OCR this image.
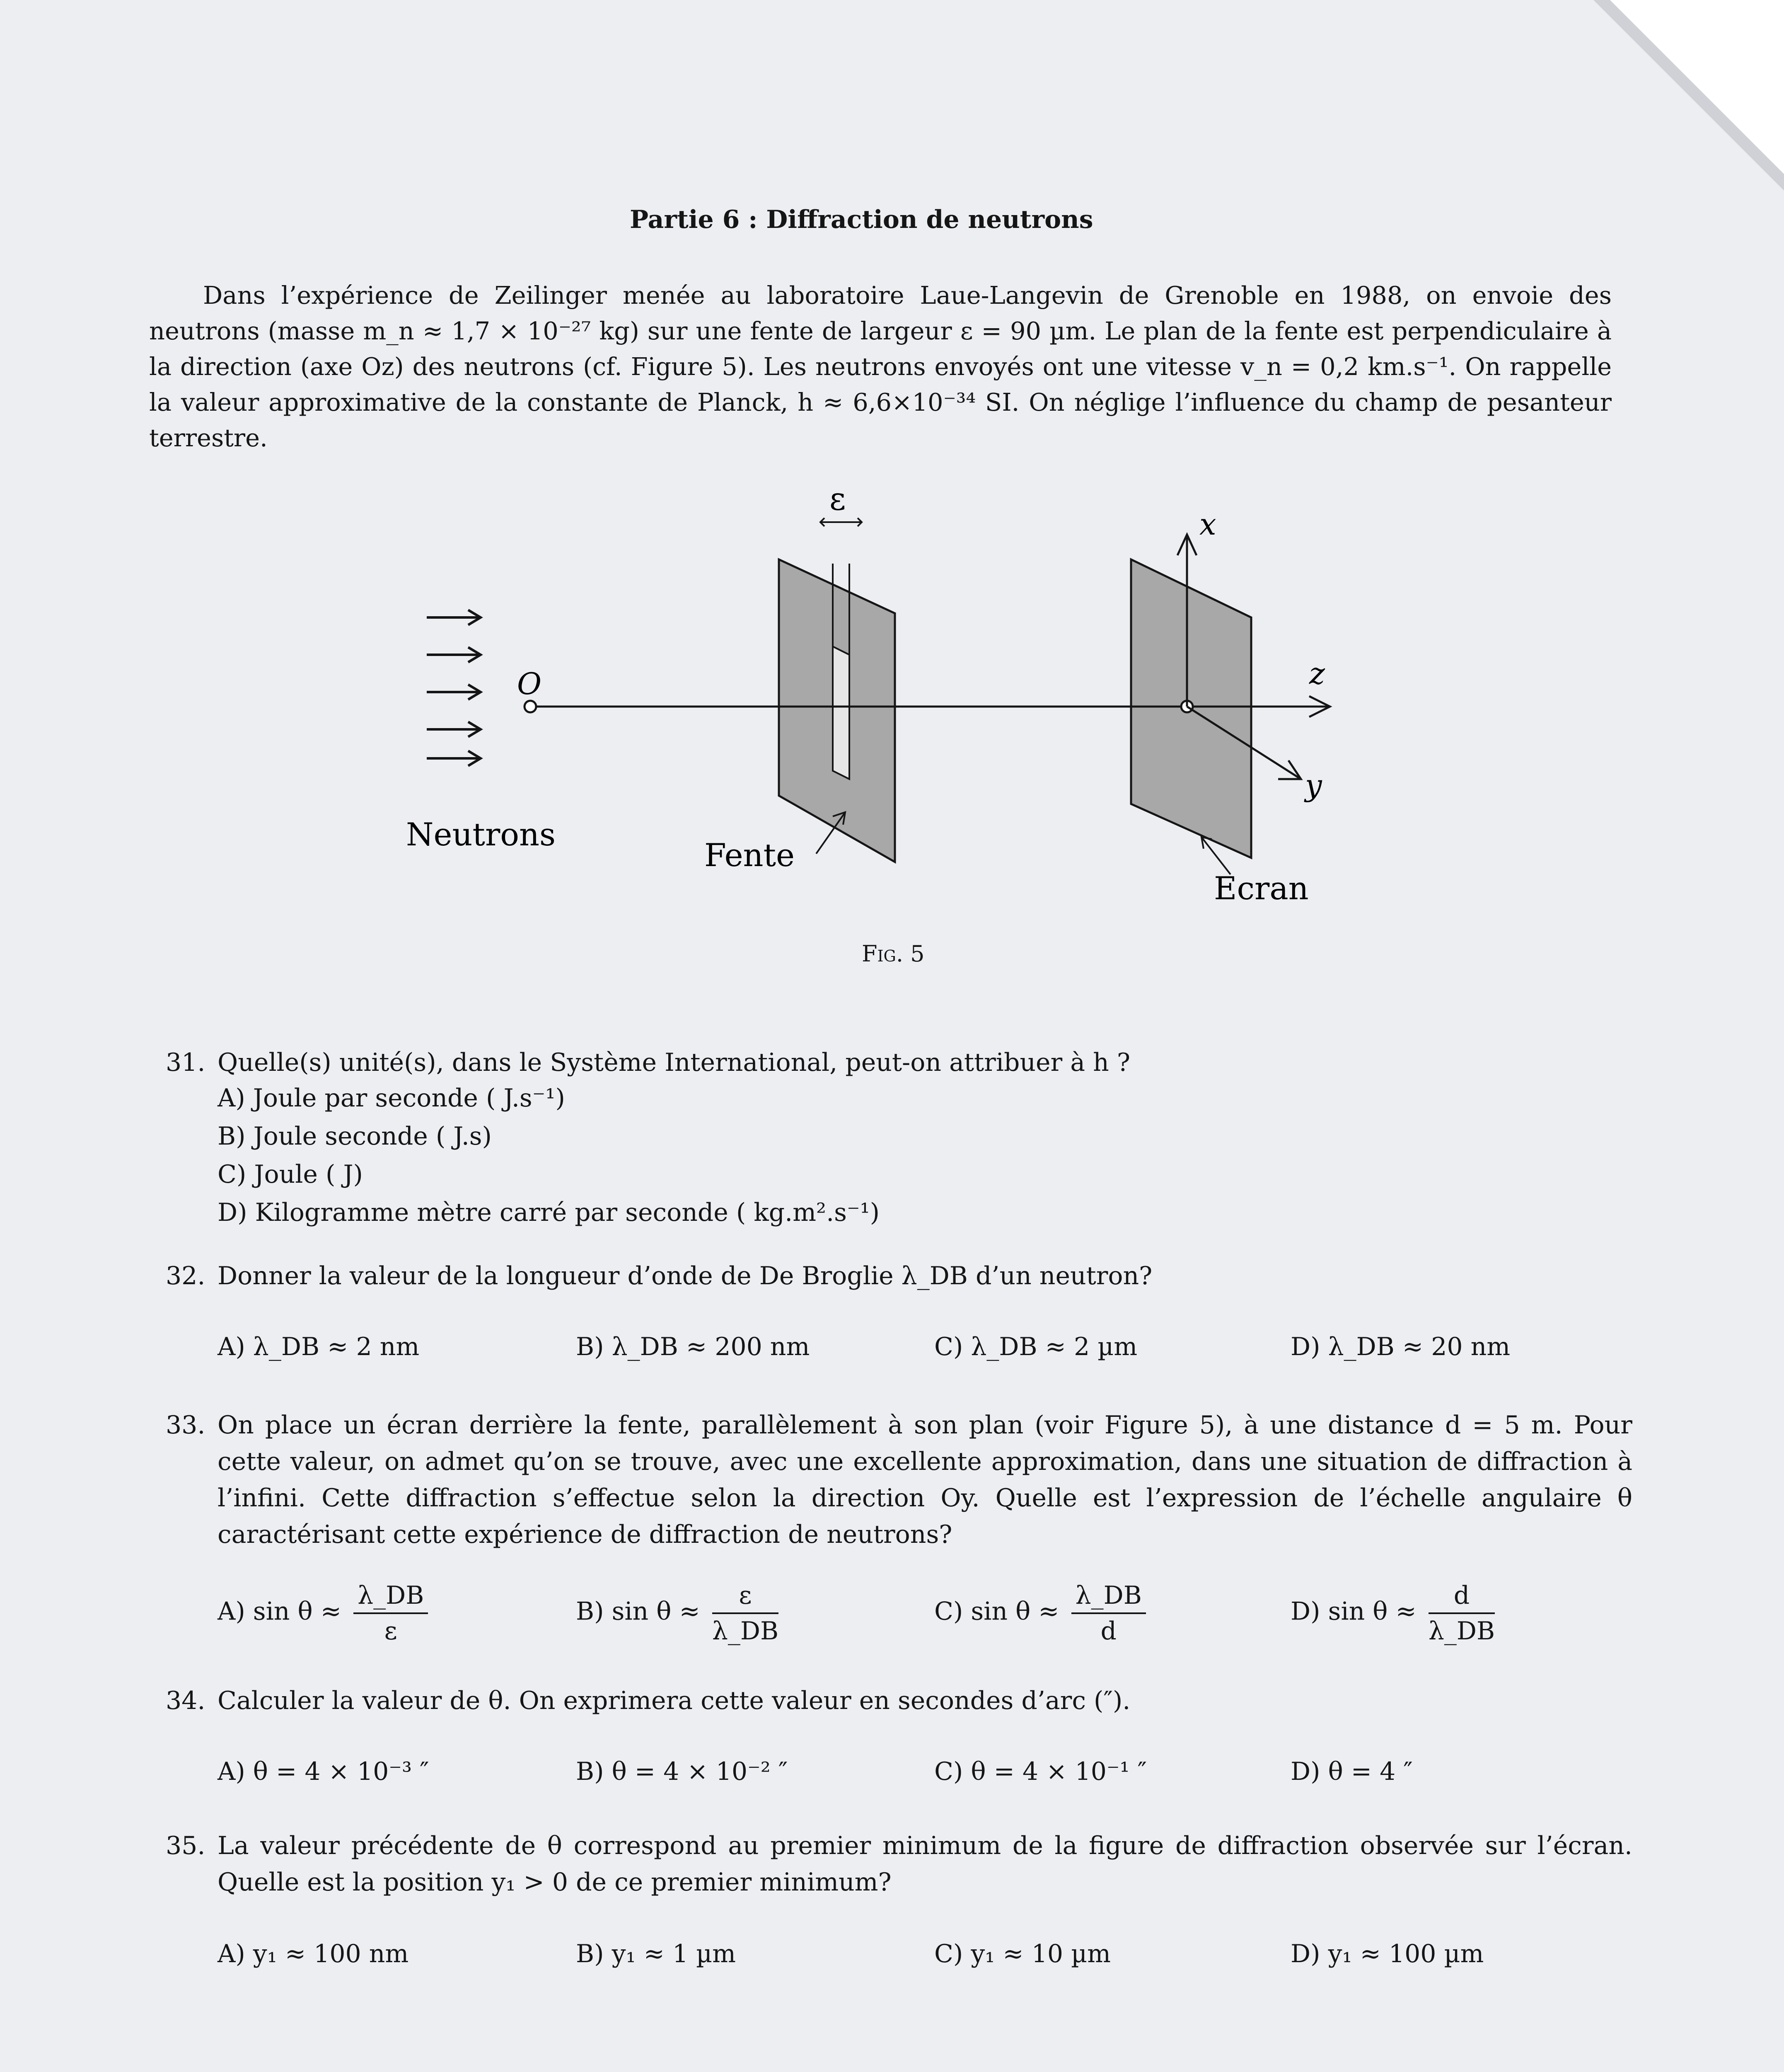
Partie 6 : Diffraction de neutrons

Dans l’expérience de Zeilinger menée au laboratoire Laue-Langevin de Grenoble en 1988, on envoie des neutrons (masse m_n ≈ 1,7 × 10⁻²⁷ kg) sur une fente de largeur ε = 90 µm. Le plan de la fente est perpendiculaire à la direction (axe Oz) des neutrons (cf. Figure 5). Les neutrons envoyés ont une vitesse v_n = 0,2 km.s⁻¹. On rappelle la valeur approximative de la constante de Planck, h ≈ 6,6×10⁻³⁴ SI. On néglige l’influence du champ de pesanteur terrestre.

Neutrons
O
ε
Fente
x
z
y
Ecran
Fig. 5
31. Quelle(s) unité(s), dans le Système International, peut-on attribuer à h ?
A) Joule par seconde ( J.s⁻¹)
B) Joule seconde ( J.s)
C) Joule ( J)
D) Kilogramme mètre carré par seconde ( kg.m².s⁻¹)
32. Donner la valeur de la longueur d’onde de De Broglie λ_DB d’un neutron?
A) λ_DB ≈ 2 nm	B) λ_DB ≈ 200 nm	C) λ_DB ≈ 2 µm	D) λ_DB ≈ 20 nm
33. On place un écran derrière la fente, parallèlement à son plan (voir Figure 5), à une distance d = 5 m. Pour cette valeur, on admet qu’on se trouve, avec une excellente approximation, dans une situation de diffraction à l’infini. Cette diffraction s’effectue selon la direction Oy. Quelle est l’expression de l’échelle angulaire θ caractérisant cette expérience de diffraction de neutrons?
A) $\sin \theta \approx \frac{\lambda\_DB}{\varepsilon}$	B) $\sin \theta \approx \frac{\varepsilon}{\lambda\_DB}$	C) $\sin \theta \approx \frac{\lambda\_DB}{d}$	D) $\sin \theta \approx \frac{d}{\lambda\_DB}$
34. Calculer la valeur de θ. On exprimera cette valeur en secondes d’arc (″).
A) θ = 4 × 10⁻³ ″	B) θ = 4 × 10⁻² ″	C) θ = 4 × 10⁻¹ ″	D) θ = 4 ″
35. La valeur précédente de θ correspond au premier minimum de la figure de diffraction observée sur l’écran. Quelle est la position y₁ > 0 de ce premier minimum?
A) y₁ ≈ 100 nm	B) y₁ ≈ 1 µm	C) y₁ ≈ 10 µm	D) y₁ ≈ 100 µm
